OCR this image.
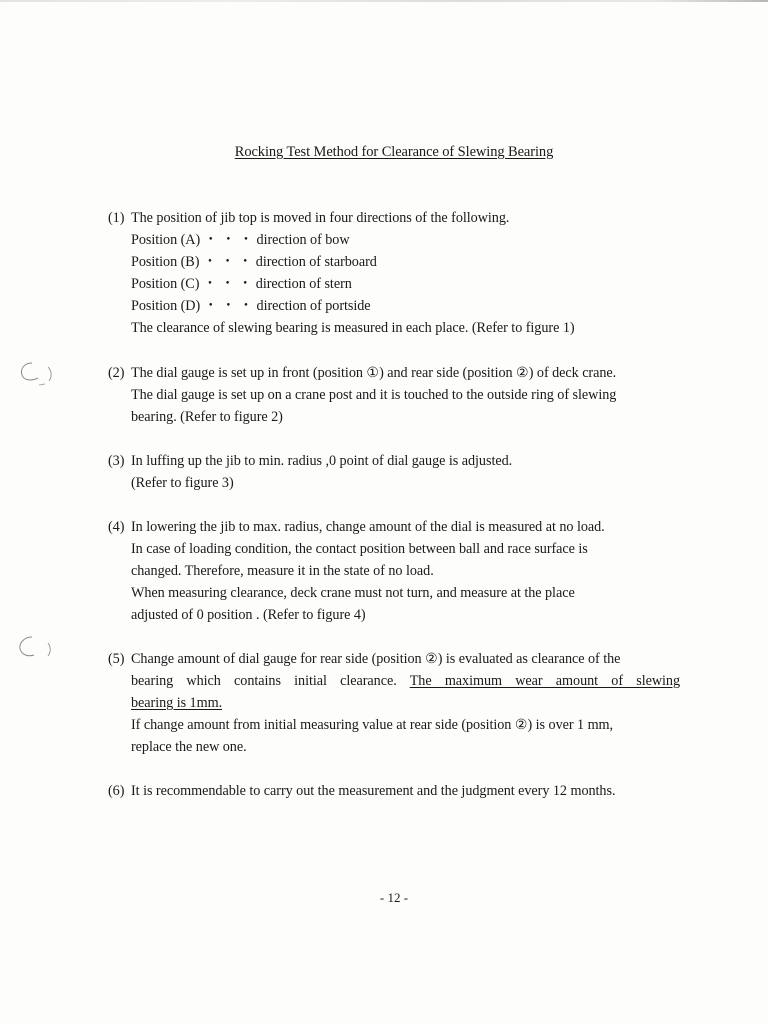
Rocking Test Method for Clearance of Slewing Bearing
(1) The position of jib top is moved in four directions of the following.
Position (A) ・ ・ ・ direction of bow
Position (B) ・ ・ ・ direction of starboard
Position (C) ・ ・ ・ direction of stern
Position (D) ・ ・ ・ direction of portside
The clearance of slewing bearing is measured in each place. (Refer to figure 1)
(2) The dial gauge is set up in front (position ①) and rear side (position ②) of deck crane.
The dial gauge is set up on a crane post and it is touched to the outside ring of slewing
bearing. (Refer to figure 2)
(3) In luffing up the jib to min. radius ,0 point of dial gauge is adjusted.
(Refer to figure 3)
(4) In lowering the jib to max. radius, change amount of the dial is measured at no load.
In case of loading condition, the contact position between ball and race surface is
changed. Therefore, measure it in the state of no load.
When measuring clearance, deck crane must not turn, and measure at the place
adjusted of 0 position . (Refer to figure 4)
(5) Change amount of dial gauge for rear side (position ②) is evaluated as clearance of the
bearing which contains initial clearance. The maximum wear amount of slewing
bearing is 1mm.
If change amount from initial measuring value at rear side (position ②) is over 1 mm,
replace the new one.
(6) It is recommendable to carry out the measurement and the judgment every 12 months.
- 12 -
